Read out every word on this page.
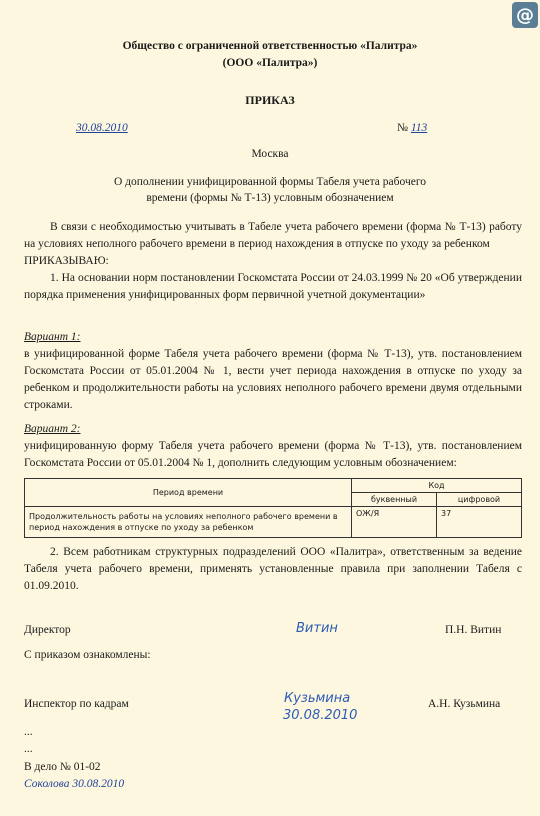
@
Общество с ограниченной ответственностью «Палитра»
(ООО «Палитра»)
ПРИКАЗ
30.08.2010	№ 113
Москва
О дополнении унифицированной формы Табеля учета рабочего
времени (формы № Т-13) условным обозначением

В связи с необходимостью учитывать в Табеле учета рабочего времени (форма № Т-13) работу на условиях неполного рабочего времени в период нахождения в отпуске по уходу за ребенком

ПРИКАЗЫВАЮ:

1. На основании норм постановлении Госкомстата России от 24.03.1999 № 20 «Об утверждении порядка применения унифицированных форм первичной учетной документации»

Вариант 1:

в унифицированной форме Табеля учета рабочего времени (форма № Т-13), утв. постановлением Госкомстата России от 05.01.2004 № 1, вести учет периода нахождения в отпуске по уходу за ребенком и продолжительности работы на условиях неполного рабочего времени двумя отдельными строками.

Вариант 2:

унифицированную форму Табеля учета рабочего времени (форма № Т-13), утв. постановлением Госкомстата России от 05.01.2004 № 1, дополнить следующим условным обозначением:

Период времени	Код	
	буквенный	цифровой
Продолжительность работы на условиях неполного рабочего времени в период нахождения в отпуске по уходу за ребенком	ОЖ/Я	37

2. Всем работникам структурных подразделений ООО «Палитра», ответственным за ведение Табеля учета рабочего времени, применять установленные правила при заполнении Табеля с 01.09.2010.

Директор	Витин	П.Н. Витин
С приказом ознакомлены:
Кузьмина
Инспектор по кадрам	А.Н. Кузьмина
30.08.2010
...
...
В дело № 01-02
Соколова 30.08.2010
